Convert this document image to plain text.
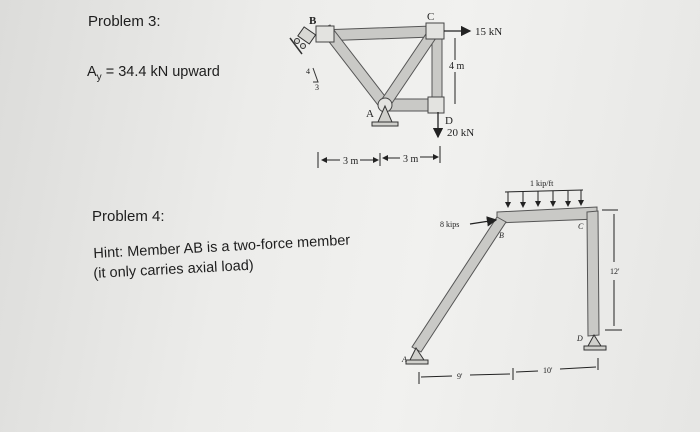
Problem 3:
$A_y = 34.4$ kN upward
B	C
A
D
15 kN
20 kN
4 m
3 m	3 m
4
3
Problem 4:
Hint: Member AB is a two-force member
(it only carries axial load)
1 kip/ft
8 kips
B
C
A
D
12'
9'
10'
